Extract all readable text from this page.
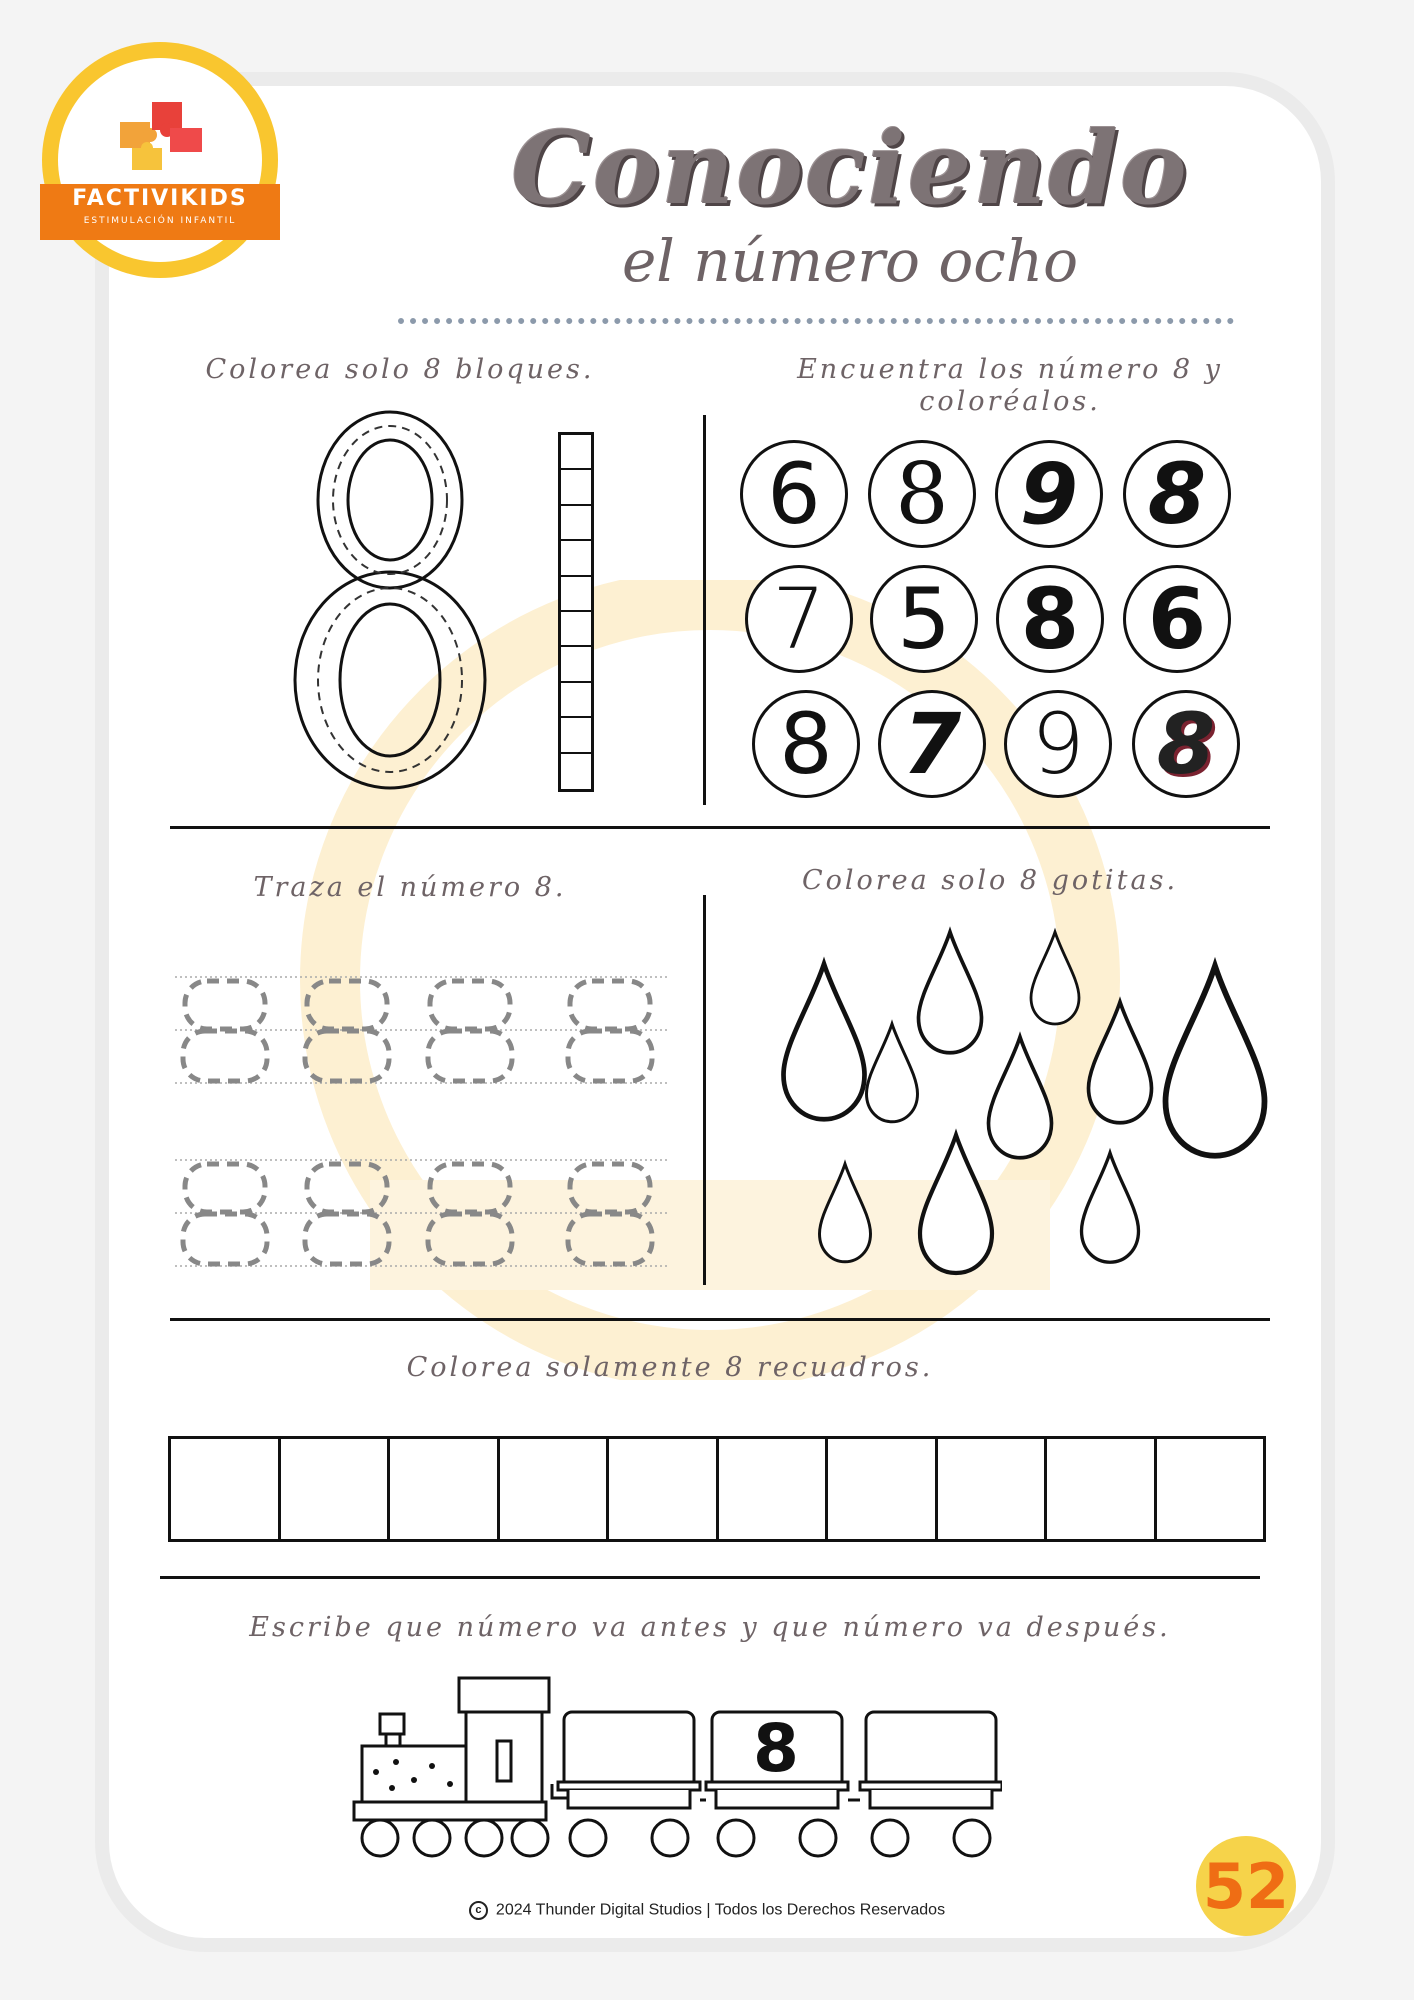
FACTIVIKIDS
ESTIMULACIÓN INFANTIL	Conociendo
el número ocho
Colorea solo 8 bloques.	Encuentra los número 8 y coloréalos.
6 8 9 8
7 5 8 6
8 7 9 8
Traza el número 8.	Colorea solo 8 gotitas.
Colorea solamente 8 recuadros.
Escribe que número va antes y que número va después.
8
c 2024 Thunder Digital Studios | Todos los Derechos Reservados	52
